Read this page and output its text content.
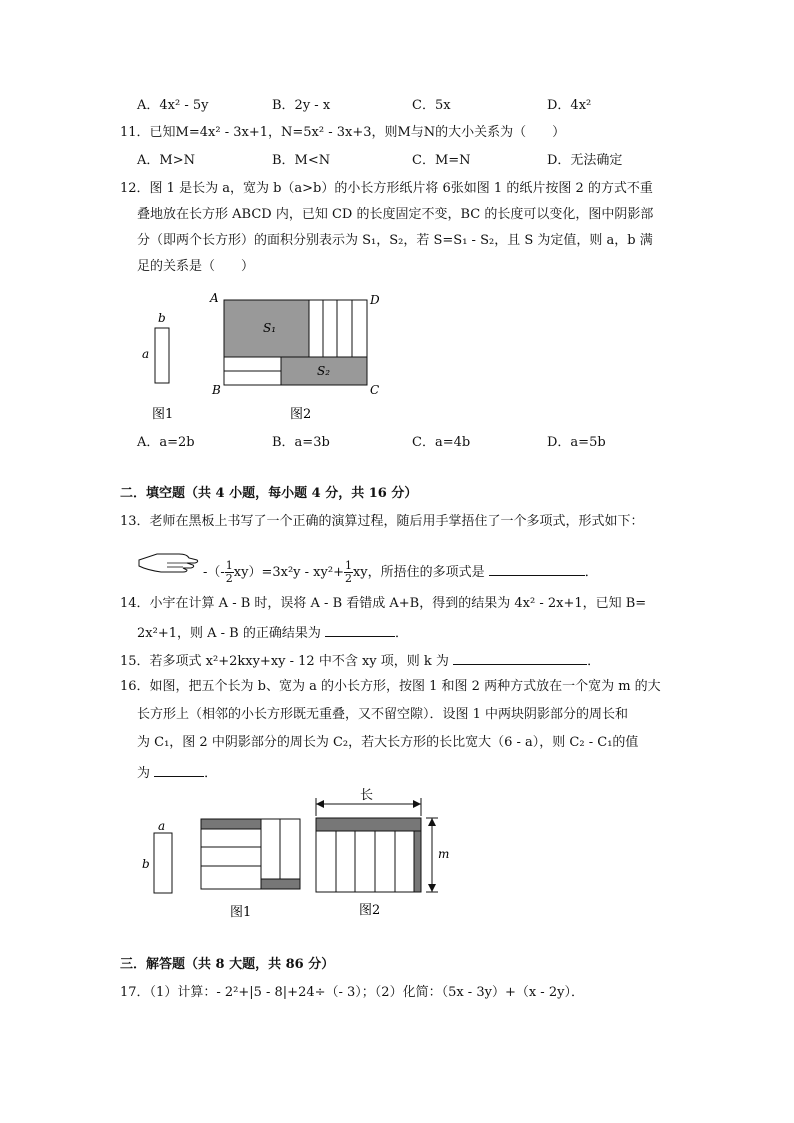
A．4x² - 5y	B．2y - x	C．5x	D．4x²
11．已知M=4x² - 3x+1，N=5x² - 3x+3，则M与N的大小关系为（　　）
A．M>N	B．M<N	C．M=N	D．无法确定
12．图 1 是长为 a，宽为 b（a>b）的小长方形纸片将 6张如图 1 的纸片按图 2 的方式不重
叠地放在长方形 ABCD 内，已知 CD 的长度固定不变，BC 的长度可以变化，图中阴影部
分（即两个长方形）的面积分别表示为 S₁，S₂，若 S=S₁ - S₂，且 S 为定值，则 a，b 满
足的关系是（　　）
b
a
图1
A	D
B	C
S₁
S₂
图2
A．a=2b	B．a=3b	C．a=4b	D．a=5b
二．填空题（共 4 小题，每小题 4 分，共 16 分）
13．老师在黑板上书写了一个正确的演算过程，随后用手掌捂住了一个多项式，形式如下：
-（- $\frac{1}{2} xy)=3x^2y - xy^2+ \frac{1}{2}$ xy，所捂住的多项式是	．
14．小宇在计算 A - B 时，误将 A - B 看错成 A+B，得到的结果为 4x² - 2x+1，已知 B=
2x²+1，则 A - B 的正确结果为	．
15．若多项式 x²+2kxy+xy - 12 中不含 xy 项，则 k 为	．
16．如图，把五个长为 b、宽为 a 的小长方形，按图 1 和图 2 两种方式放在一个宽为 m 的大
长方形上（相邻的小长方形既无重叠，又不留空隙）．设图 1 中两块阴影部分的周长和
为 C₁，图 2 中阴影部分的周长为 C₂，若大长方形的长比宽大（6 - a），则 C₂ - C₁的值
为	．
a
b
图1
长
m
图2
三．解答题（共 8 大题，共 86 分）
17．（1）计算：- 2²+|5 - 8|+24÷（- 3）；（2）化简：（5x - 3y）+（x - 2y）．
